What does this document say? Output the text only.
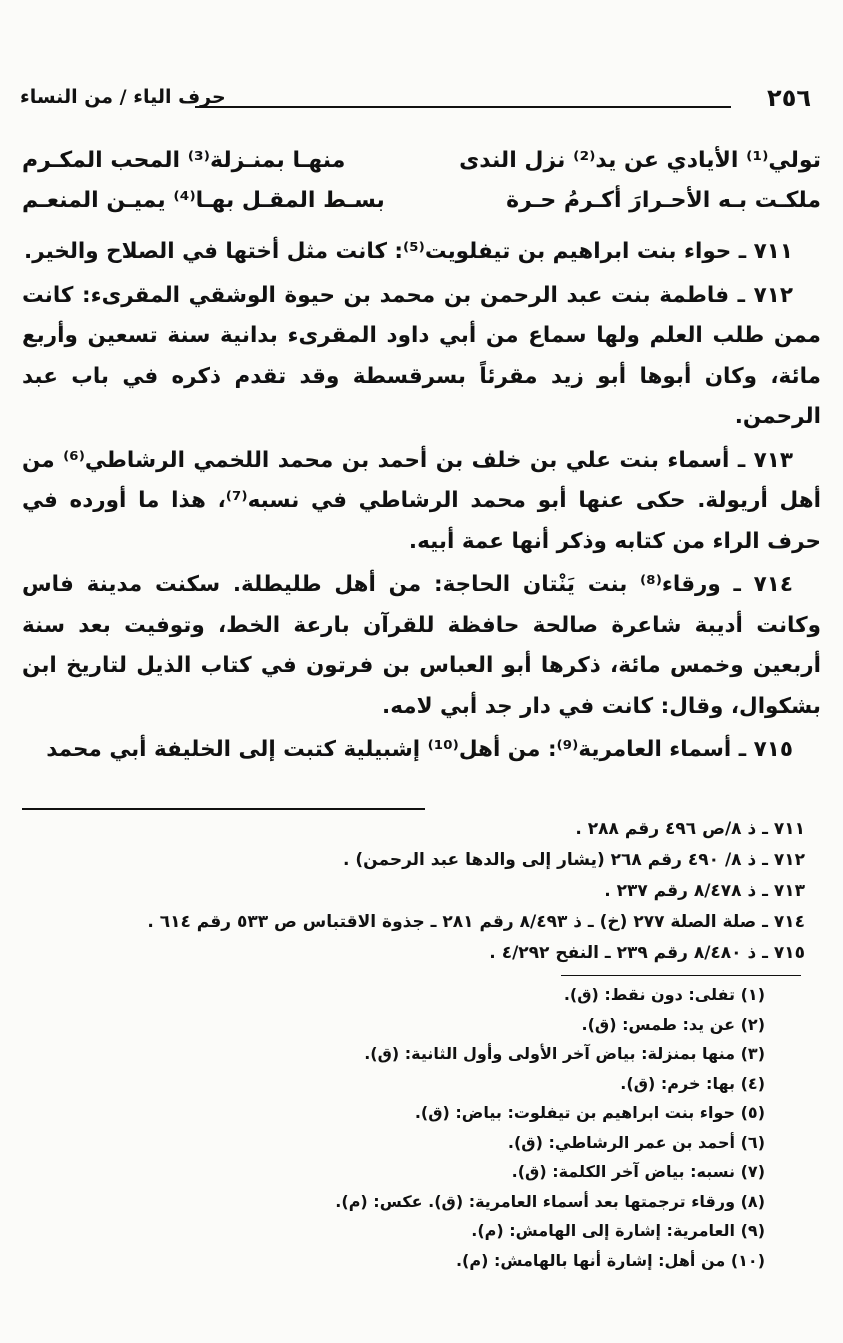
٢٥٦
حرف الياء / من النساء
تولي⁽¹⁾ الأيادي عن يد⁽²⁾ نزل الندى
منهـا بمنـزلة⁽³⁾ المحب المكـرم
ملكـت بـه الأحـرارَ أكـرمُ حـرة
بسـط المقـل بهـا⁽⁴⁾ يميـن المنعـم

٧١١ ـ حواء بنت ابراهيم بن تيفلويت⁽⁵⁾: كانت مثل أختها في الصلاح والخير.

٧١٢ ـ فاطمة بنت عبد الرحمن بن محمد بن حيوة الوشقي المقرىء: كانت ممن طلب العلم ولها سماع من أبي داود المقرىء بدانية سنة تسعين وأربع مائة، وكان أبوها أبو زيد مقرئاً بسرقسطة وقد تقدم ذكره في باب عبد الرحمن.

٧١٣ ـ أسماء بنت علي بن خلف بن أحمد بن محمد اللخمي الرشاطي⁽⁶⁾ من أهل أريولة. حكى عنها أبو محمد الرشاطي في نسبه⁽⁷⁾، هذا ما أورده في حرف الراء من كتابه وذكر أنها عمة أبيه.

٧١٤ ـ ورقاء⁽⁸⁾ بنت يَنْتان الحاجة: من أهل طليطلة. سكنت مدينة فاس وكانت أديبة شاعرة صالحة حافظة للقرآن بارعة الخط، وتوفيت بعد سنة أربعين وخمس مائة، ذكرها أبو العباس بن فرتون في كتاب الذيل لتاريخ ابن بشكوال، وقال: كانت في دار جد أبي لامه.

٧١٥ ـ أسماء العامرية⁽⁹⁾: من أهل⁽¹⁰⁾ إشبيلية كتبت إلى الخليفة أبي محمد

٧١١ ـ ذ ٨/ص ٤٩٦ رقم ٢٨٨ .
٧١٢ ـ ذ ٨/ ٤٩٠ رقم ٢٦٨ (يشار إلى والدها عبد الرحمن) .
٧١٣ ـ ذ ٨/٤٧٨ رقم ٢٣٧ .
٧١٤ ـ صلة الصلة ٢٧٧ (خ) ـ ذ ٨/٤٩٣ رقم ٢٨١ ـ جذوة الاقتباس ص ٥٣٣ رقم ٦١٤ .
٧١٥ ـ ذ ٨/٤٨٠ رقم ٢٣٩ ـ النفح ٤/٢٩٢ .
(١) تفلى: دون نقط: (ق).
(٢) عن يد: طمس: (ق).
(٣) منها بمنزلة: بياض آخر الأولى وأول الثانية: (ق).
(٤) بها: خرم: (ق).
(٥) حواء بنت ابراهيم بن تيفلوت: بياض: (ق).
(٦) أحمد بن عمر الرشاطي: (ق).
(٧) نسبه: بياض آخر الكلمة: (ق).
(٨) ورقاء ترجمتها بعد أسماء العامرية: (ق). عكس: (م).
(٩) العامرية: إشارة إلى الهامش: (م).
(١٠) من أهل: إشارة أنها بالهامش: (م).
